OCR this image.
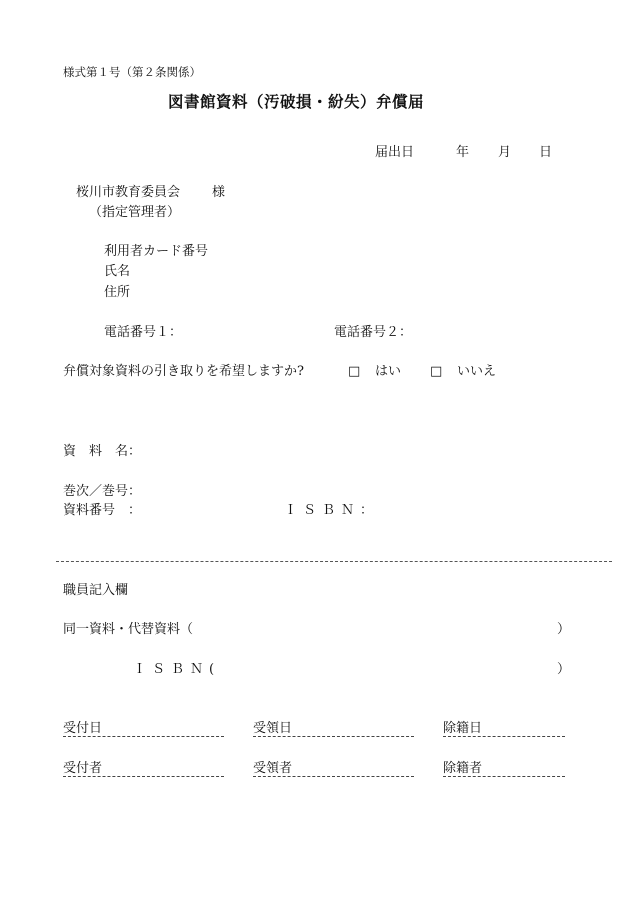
様式第１号（第２条関係）
図書館資料（汚破損・紛失）弁償届
届出日	年 月 日
桜川市教育委員会 様
（指定管理者）
利用者カード番号
氏名
住所
電話番号１：	電話番号２：
弁償対象資料の引き取りを希望しますか?	□ はい □ いいえ
資　料　名：
巻次／巻号：
資料番号　：	ＩＳＢＮ：
職員記入欄
同一資料・代替資料（	）
ＩＳＢＮ(	）
受付日	受領日	除籍日
受付者	受領者	除籍者
